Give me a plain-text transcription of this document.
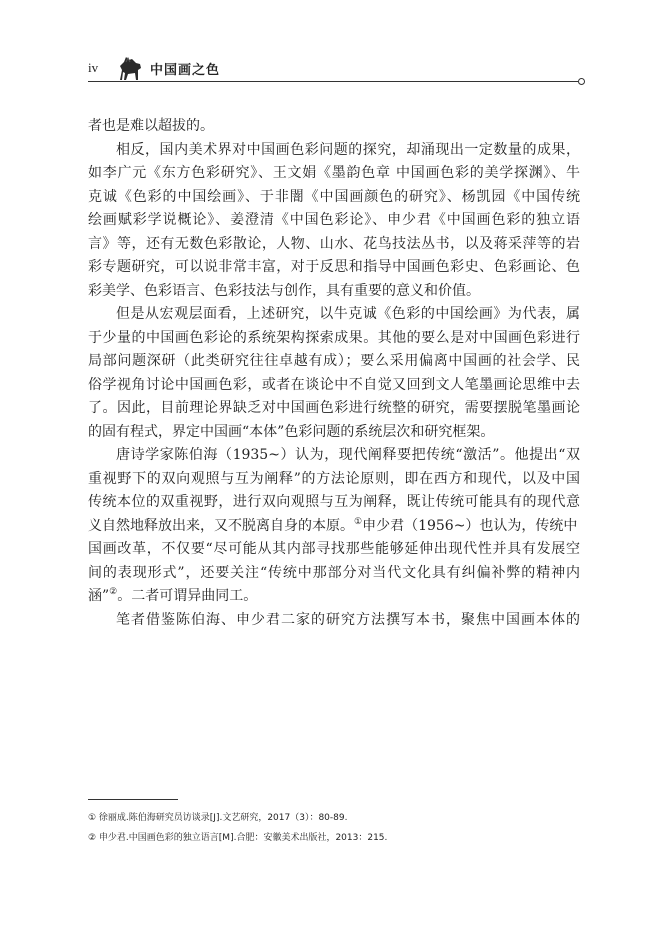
iv	中国画之色
者也是难以超拔的。
相反，国内美术界对中国画色彩问题的探究，却涌现出一定数量的成果，
如李广元《东方色彩研究》、王文娟《墨韵色章 中国画色彩的美学探渊》、牛
克诚《色彩的中国绘画》、于非闇《中国画颜色的研究》、杨凯园《中国传统
绘画赋彩学说概论》、姜澄清《中国色彩论》、申少君《中国画色彩的独立语
言》等，还有无数色彩散论，人物、山水、花鸟技法丛书，以及蒋采萍等的岩
彩专题研究，可以说非常丰富，对于反思和指导中国画色彩史、色彩画论、色
彩美学、色彩语言、色彩技法与创作，具有重要的意义和价值。
但是从宏观层面看，上述研究，以牛克诚《色彩的中国绘画》为代表，属
于少量的中国画色彩论的系统架构探索成果。其他的要么是对中国画色彩进行
局部问题深研（此类研究往往卓越有成）；要么采用偏离中国画的社会学、民
俗学视角讨论中国画色彩，或者在谈论中不自觉又回到文人笔墨画论思维中去
了。因此，目前理论界缺乏对中国画色彩进行统整的研究，需要摆脱笔墨画论
的固有程式，界定中国画“本体”色彩问题的系统层次和研究框架。
唐诗学家陈伯海（1935~）认为，现代阐释要把传统“激活”。他提出“双
重视野下的双向观照与互为阐释”的方法论原则，即在西方和现代，以及中国
传统本位的双重视野，进行双向观照与互为阐释，既让传统可能具有的现代意
义自然地释放出来，又不脱离自身的本原。①申少君（1956~）也认为，传统中
国画改革，不仅要“尽可能从其内部寻找那些能够延伸出现代性并具有发展空
间的表现形式”，还要关注“传统中那部分对当代文化具有纠偏补弊的精神内
涵”②。二者可谓异曲同工。
笔者借鉴陈伯海、申少君二家的研究方法撰写本书，聚焦中国画本体的
① 徐丽成.陈伯海研究员访谈录[J].文艺研究，2017（3）：80-89.
② 申少君.中国画色彩的独立语言[M].合肥：安徽美术出版社，2013：215.
